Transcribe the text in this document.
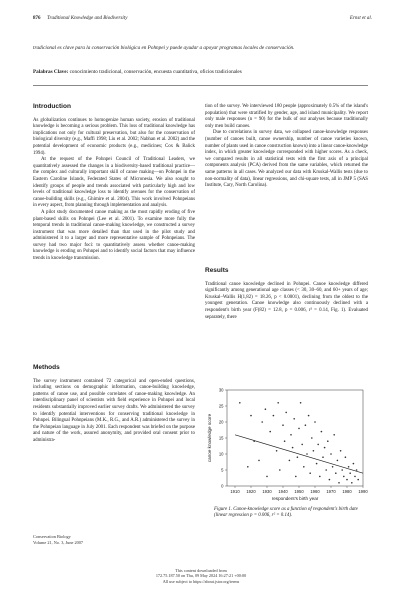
876 Traditional Knowledge and Biodiversity	Ernst et al.
tradicional es clave para la conservación biológica en Pohnpei y puede ayudar a apoyar programas locales de conservación.
Palabras Clave: conocimiento tradicional, conservación, encuesta cuantitativa, oficios tradicionales
Introduction

As globalization continues to homogenize human society, erosion of traditional knowledge is becoming a serious problem. This loss of traditional knowledge has implications not only for cultural preservation, but also for the conservation of biological diversity (e.g., Maffi 1998; Liu et al. 2002; Nabhan et al. 2002) and the potential development of economic products (e.g., medicines; Cox & Balick 1994).

At the request of the Pohnpei Council of Traditional Leaders, we quantitatively assessed the changes in a biodiversity-based traditional practice—the complex and culturally important skill of canoe making—on Pohnpei in the Eastern Caroline Islands, Federated States of Micronesia. We also sought to identify groups of people and trends associated with particularly high and low levels of traditional knowledge loss to identify avenues for the conservation of canoe-building skills (e.g., Ghimire et al. 2004). This work involved Pohnpeians in every aspect, from planning through implementation and analysis.

A pilot study documented canoe making as the most rapidly eroding of five plant-based skills on Pohnpei (Lee et al. 2001). To examine more fully the temporal trends in traditional canoe-making knowledge, we constructed a survey instrument that was more detailed than that used in the pilot study and administered it to a larger and more representative sample of Pohnpeians. The survey had two major foci: to quantitatively assess whether canoe-making knowledge is eroding on Pohnpei and to identify social factors that may influence trends in knowledge transmission.

Methods

The survey instrument contained 72 categorical and open-ended questions, including sections on demographic information, canoe-building knowledge, patterns of canoe use, and possible correlates of canoe-making knowledge. An interdisciplinary panel of scientists with field experience in Pohnpei and local residents substantially improved earlier survey drafts. We administered the survey to identify potential interventions for conserving traditional knowledge in Pohnpei. Bilingual Pohnpeians (M.K., R.G., and A.R.) administered the survey in the Pohnpeian language in July 2001. Each respondent was briefed on the purpose and nature of the work, assured anonymity, and provided oral consent prior to administra-

tion of the survey. We interviewed 180 people (approximately 0.5% of the island's population) that were stratified by gender, age, and island municipality. We report only male responses (n = 90) for the bulk of our analyses because traditionally only men build canoes.

Due to correlations in survey data, we collapsed canoe-knowledge responses (number of canoes built, canoe ownership, number of canoe varieties known, number of plants used in canoe construction known) into a linear canoe-knowledge index, in which greater knowledge corresponded with higher scores. As a check, we compared results in all statistical tests with the first axis of a principal components analysis (PCA) derived from the same variables, which returned the same patterns in all cases. We analyzed our data with Kruskal-Wallis tests (due to non-normality of data), linear regressions, and chi-square tests, all in JMP 5 (SAS Institute, Cary, North Carolina).

Results

Traditional canoe knowledge declined in Pohnpei. Canoe knowledge differed significantly among generational age classes (< 30, 30–60, and 60+ years of age; Kruskal–Wallis H(1,82) = 18.26, p < 0.0001), declining from the oldest to the youngest generation. Canoe knowledge also continuously declined with a respondent's birth year (F(82) = 12.8, p = 0.006, r² = 0.14, Fig. 1). Evaluated separately, there

1910 1920 1930 1940 1950 1960 1970 1980 1990
0
5
10
15
20
25
30
respondent's birth year
canoe knowledge score
Figure 1. Canoe-knowledge score as a function of respondent's birth date (linear regression p = 0.006, r² = 0.14).
Conservation Biology
Volume 21, No. 3, June 2007
This content downloaded from
172.75.187.50 on Thu, 09 May 2024 16:27:21 +00:00
All use subject to https://about.jstor.org/terms
